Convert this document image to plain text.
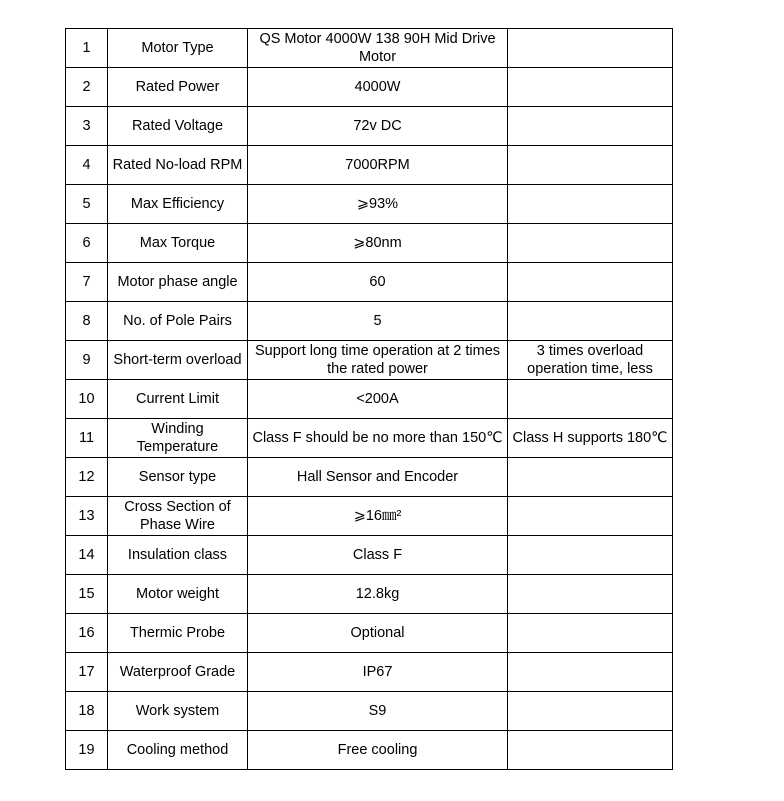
1	Motor Type	QS Motor 4000W 138 90H Mid Drive Motor	
2	Rated Power	4000W	
3	Rated Voltage	72v DC	
4	Rated No-load RPM	7000RPM	
5	Max Efficiency	⩾93%	
6	Max Torque	⩾80nm	
7	Motor phase angle	60	
8	No. of Pole Pairs	5	
9	Short-term overload	Support long time operation at 2 times the rated power	3 times overload operation time, less
10	Current Limit	<200A	
11	Winding Temperature	Class F should be no more than 150℃	Class H supports 180℃
12	Sensor type	Hall Sensor and Encoder	
13	Cross Section of Phase Wire	⩾16㎜²	
14	Insulation class	Class F	
15	Motor weight	12.8kg	
16	Thermic Probe	Optional	
17	Waterproof Grade	IP67	
18	Work system	S9	
19	Cooling method	Free cooling	
